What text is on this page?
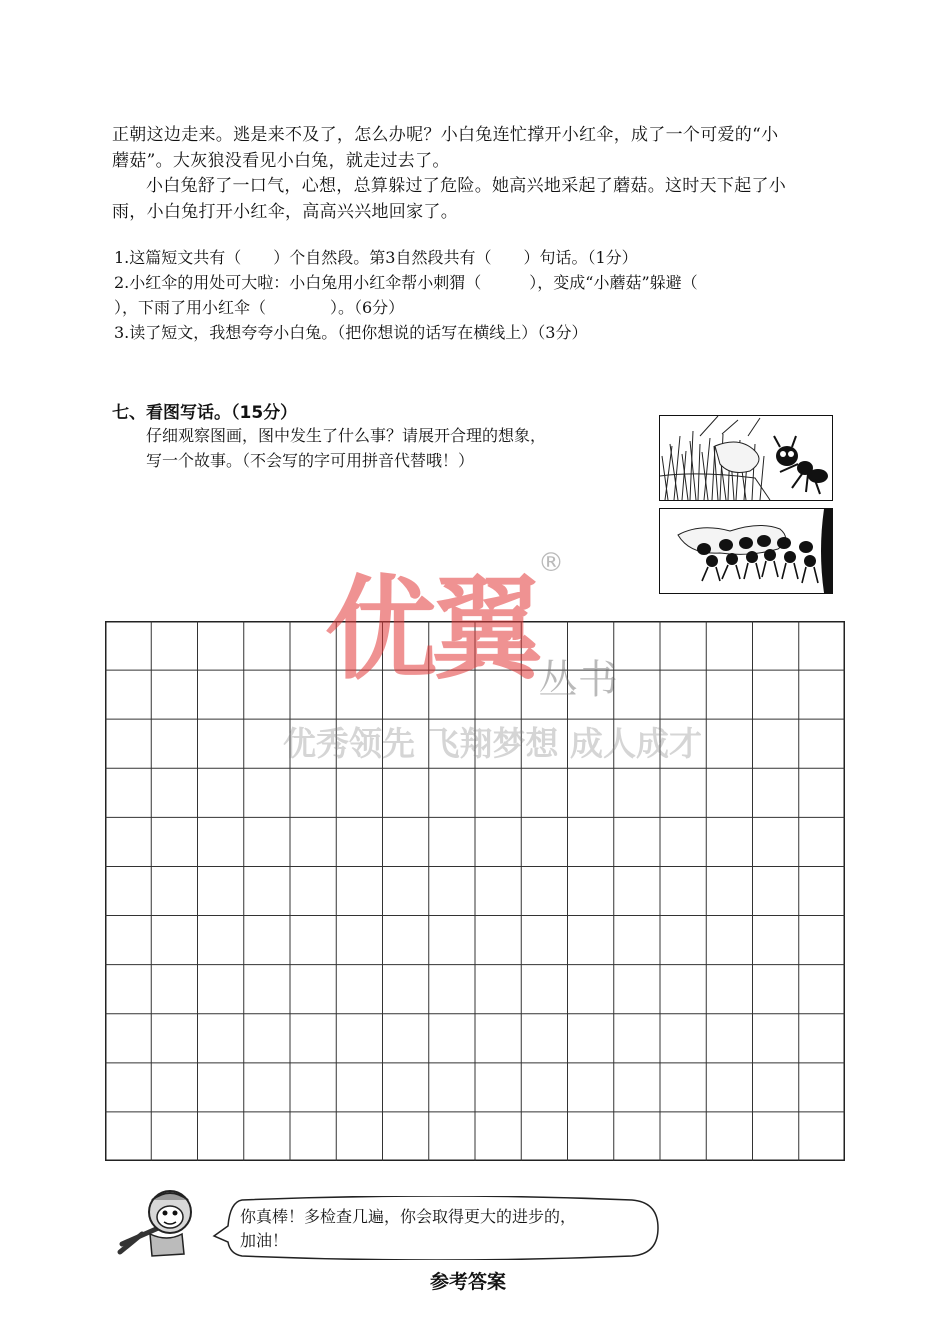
正朝这边走来。逃是来不及了，怎么办呢？小白兔连忙撑开小红伞，成了一个可爱的“小
蘑菇”。大灰狼没看见小白兔，就走过去了。
小白兔舒了一口气，心想，总算躲过了危险。她高兴地采起了蘑菇。这时天下起了小
雨，小白兔打开小红伞，高高兴兴地回家了。
1.这篇短文共有（　　）个自然段。第3自然段共有（　　）句话。（1分）
2.小红伞的用处可大啦：小白兔用小红伞帮小刺猬（　　　），变成“小蘑菇”躲避（
），下雨了用小红伞（　　　　）。（6分）
3.读了短文，我想夸夸小白兔。（把你想说的话写在横线上）（3分）
七、看图写话。（15分）
仔细观察图画，图中发生了什么事？请展开合理的想象，
写一个故事。（不会写的字可用拼音代替哦！）
优翼 丛书
®
优秀领先 飞翔梦想 成人成才
你真棒！多检查几遍，你会取得更大的进步的，
加油！
参考答案
